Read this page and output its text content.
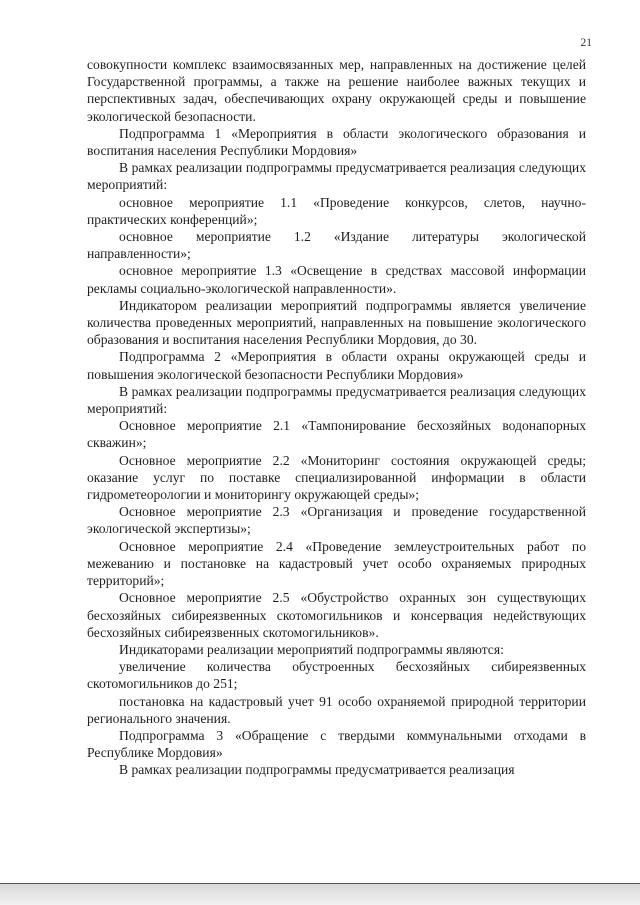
21

совокупности комплекс взаимосвязанных мер, направленных на достижение целей Государственной программы, а также на решение наиболее важных текущих и перспективных задач, обеспечивающих охрану окружающей среды и повышение экологической безопасности.

Подпрограмма 1 «Мероприятия в области экологического образования и воспитания населения Республики Мордовия»

В рамках реализации подпрограммы предусматривается реализация следующих мероприятий:

основное мероприятие 1.1 «Проведение конкурсов, слетов, научно-практических конференций»;

основное мероприятие 1.2 «Издание литературы экологической направленности»;

основное мероприятие 1.3 «Освещение в средствах массовой информации рекламы социально-экологической направленности».

Индикатором реализации мероприятий подпрограммы является увеличение количества проведенных мероприятий, направленных на повышение экологического образования и воспитания населения Республики Мордовия, до 30.

Подпрограмма 2 «Мероприятия в области охраны окружающей среды и повышения экологической безопасности Республики Мордовия»

В рамках реализации подпрограммы предусматривается реализация следующих мероприятий:

Основное мероприятие 2.1 «Тампонирование бесхозяйных водонапорных скважин»;

Основное мероприятие 2.2 «Мониторинг состояния окружающей среды; оказание услуг по поставке специализированной информации в области гидрометеорологии и мониторингу окружающей среды»;

Основное мероприятие 2.3 «Организация и проведение государственной экологической экспертизы»;

Основное мероприятие 2.4 «Проведение землеустроительных работ по межеванию и постановке на кадастровый учет особо охраняемых природных территорий»;

Основное мероприятие 2.5 «Обустройство охранных зон существующих бесхозяйных сибиреязвенных скотомогильников и консервация недействующих бесхозяйных сибиреязвенных скотомогильников».

Индикаторами реализации мероприятий подпрограммы являются:

увеличение количества обустроенных бесхозяйных сибиреязвенных скотомогильников до 251;

постановка на кадастровый учет 91 особо охраняемой природной территории регионального значения.

Подпрограмма 3 «Обращение с твердыми коммунальными отходами в Республике Мордовия»

В рамках реализации подпрограммы предусматривается реализация
